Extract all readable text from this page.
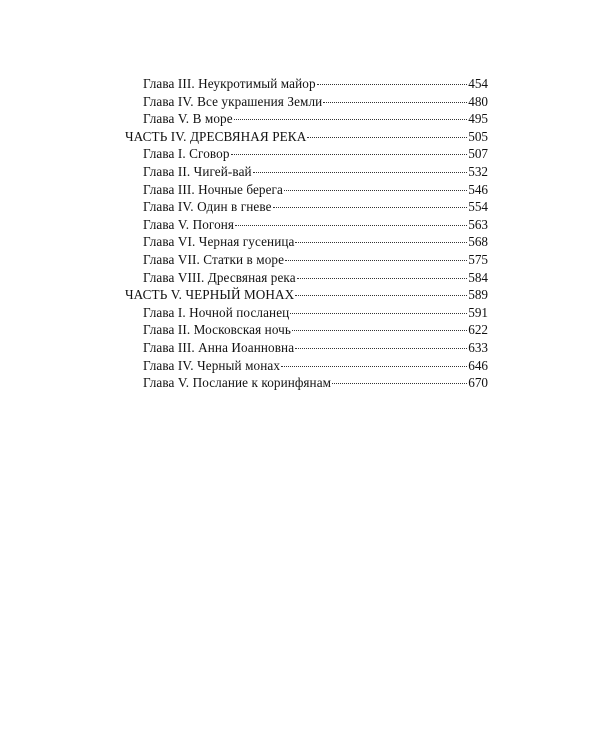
Глава III. Неукротимый майор	454
Глава IV. Все украшения Земли	480
Глава V. В море	495
ЧАСТЬ IV. ДРЕСВЯНАЯ РЕКА	505
Глава I. Сговор	507
Глава II. Чигей-вай	532
Глава III. Ночные берега	546
Глава IV. Один в гневе	554
Глава V. Погоня	563
Глава VI. Черная гусеница	568
Глава VII. Статки в море	575
Глава VIII. Дресвяная река	584
ЧАСТЬ V. ЧЕРНЫЙ МОНАХ	589
Глава I. Ночной посланец	591
Глава II. Московская ночь	622
Глава III. Анна Иоанновна	633
Глава IV. Черный монах	646
Глава V. Послание к коринфянам	670
